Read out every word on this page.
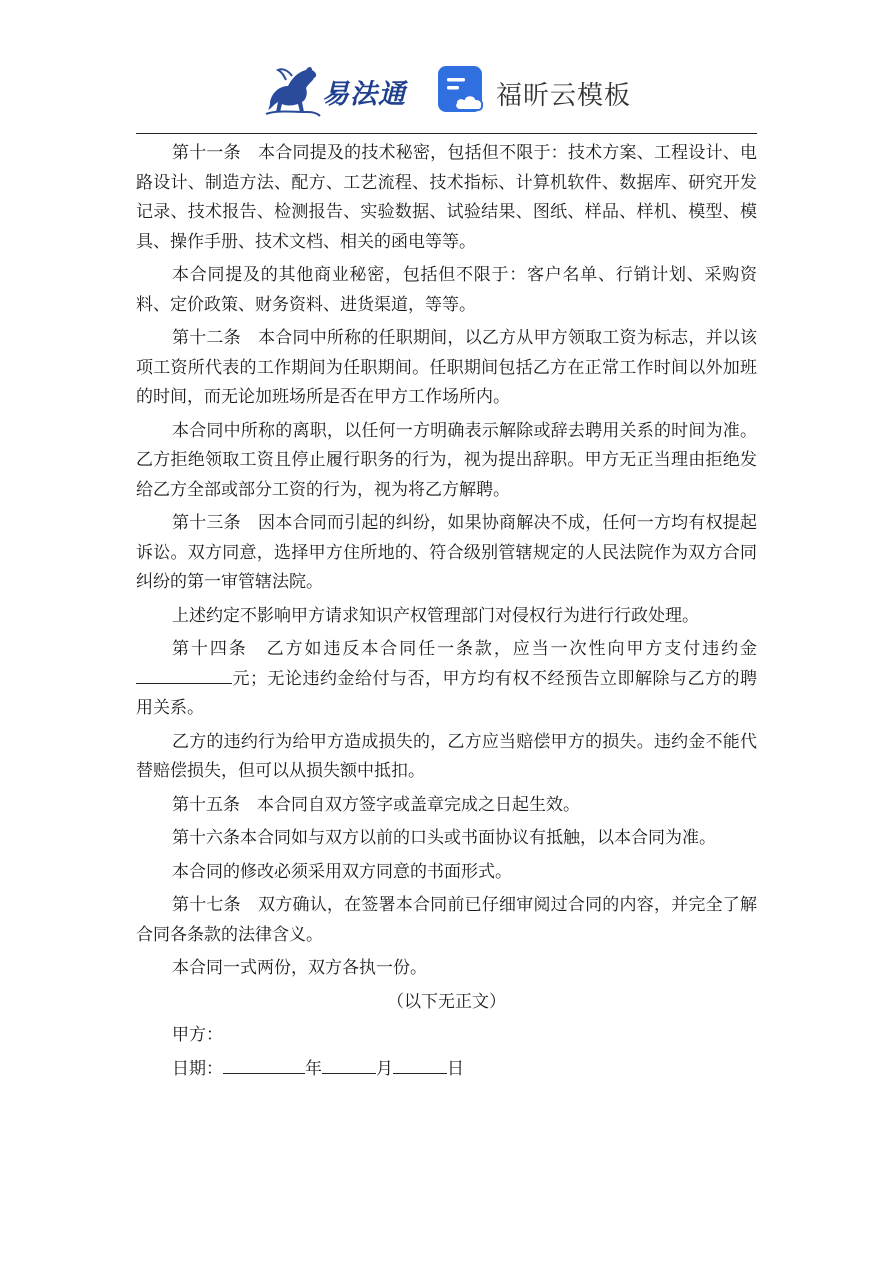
易法通	福昕云模板

第十一条　本合同提及的技术秘密，包括但不限于：技术方案、工程设计、电路设计、制造方法、配方、工艺流程、技术指标、计算机软件、数据库、研究开发记录、技术报告、检测报告、实验数据、试验结果、图纸、样品、样机、模型、模具、操作手册、技术文档、相关的函电等等。

本合同提及的其他商业秘密，包括但不限于：客户名单、行销计划、采购资料、定价政策、财务资料、进货渠道，等等。

第十二条　本合同中所称的任职期间，以乙方从甲方领取工资为标志，并以该项工资所代表的工作期间为任职期间。任职期间包括乙方在正常工作时间以外加班的时间，而无论加班场所是否在甲方工作场所内。

本合同中所称的离职，以任何一方明确表示解除或辞去聘用关系的时间为准。乙方拒绝领取工资且停止履行职务的行为，视为提出辞职。甲方无正当理由拒绝发给乙方全部或部分工资的行为，视为将乙方解聘。

第十三条　因本合同而引起的纠纷，如果协商解决不成，任何一方均有权提起诉讼。双方同意，选择甲方住所地的、符合级别管辖规定的人民法院作为双方合同纠纷的第一审管辖法院。

上述约定不影响甲方请求知识产权管理部门对侵权行为进行行政处理。

第十四条　乙方如违反本合同任一条款，应当一次性向甲方支付违约金元；无论违约金给付与否，甲方均有权不经预告立即解除与乙方的聘用关系。

乙方的违约行为给甲方造成损失的，乙方应当赔偿甲方的损失。违约金不能代替赔偿损失，但可以从损失额中抵扣。

第十五条　本合同自双方签字或盖章完成之日起生效。

第十六条本合同如与双方以前的口头或书面协议有抵触，以本合同为准。

本合同的修改必须采用双方同意的书面形式。

第十七条　双方确认，在签署本合同前已仔细审阅过合同的内容，并完全了解合同各条款的法律含义。

本合同一式两份，双方各执一份。

（以下无正文）

甲方：
日期：	年	月	日
